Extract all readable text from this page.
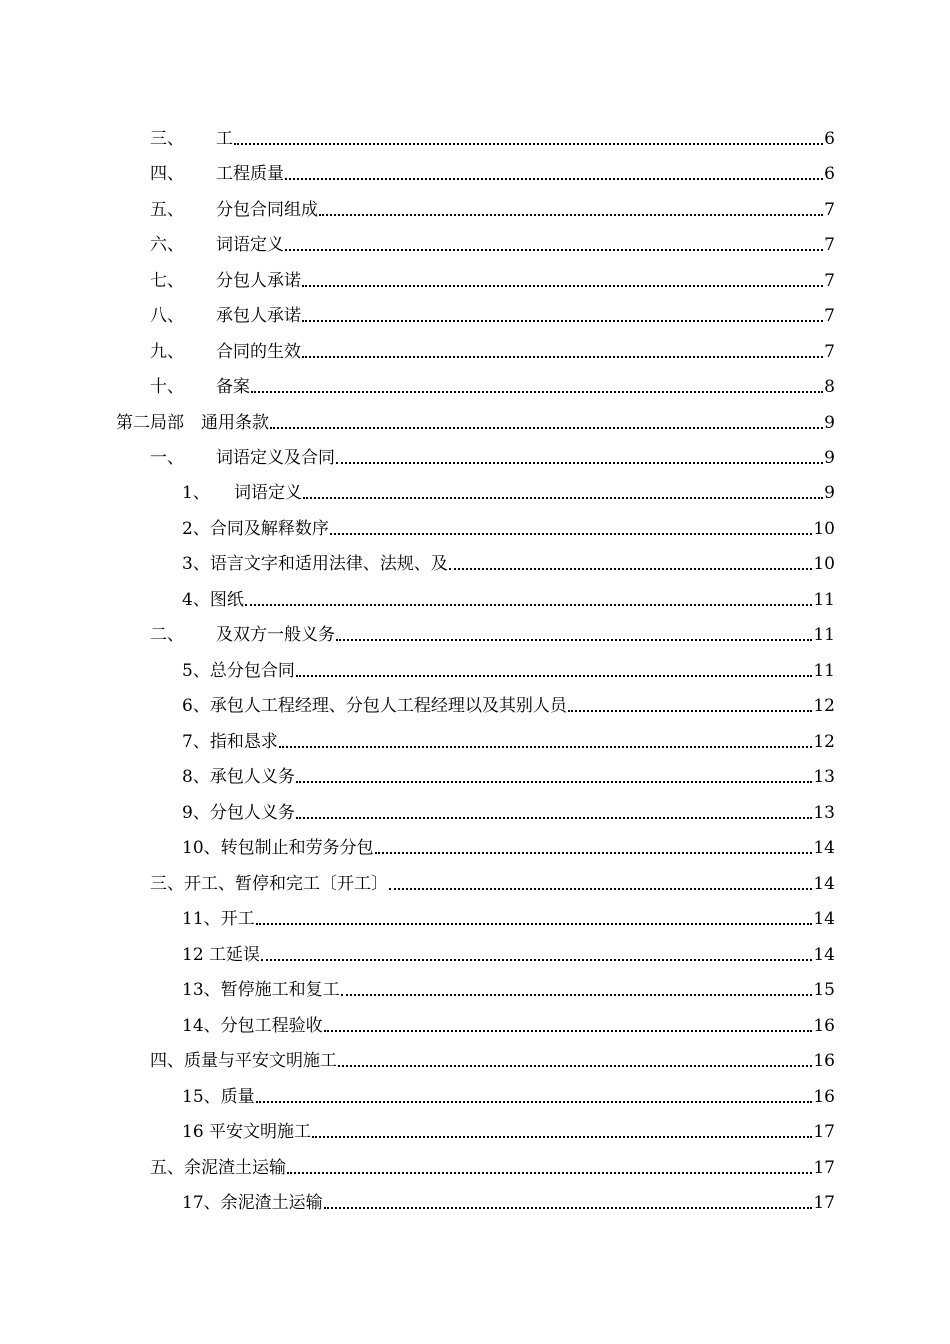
三、	工	6
四、	工程质量	6
五、	分包合同组成	7
六、	词语定义	7
七、	分包人承诺	7
八、	承包人承诺	7
九、	合同的生效	7
十、	备案	8
第二局部　通用条款	9
一、	词语定义及合同	9
1、	词语定义	9
2、合同及解释数序	10
3、语言文字和适用法律、法规、及	10
4、图纸	11
二、	及双方一般义务	11
5、总分包合同	11
6、承包人工程经理、分包人工程经理以及其别人员	12
7、指和恳求	12
8、承包人义务	13
9、分包人义务	13
10、转包制止和劳务分包	14
三、开工、暂停和完工〔开工〕	14
11、开工	14
12 工延误	14
13、暂停施工和复工	15
14、分包工程验收	16
四、质量与平安文明施工	16
15、质量	16
16 平安文明施工	17
五、余泥渣土运输	17
17、余泥渣土运输	17
